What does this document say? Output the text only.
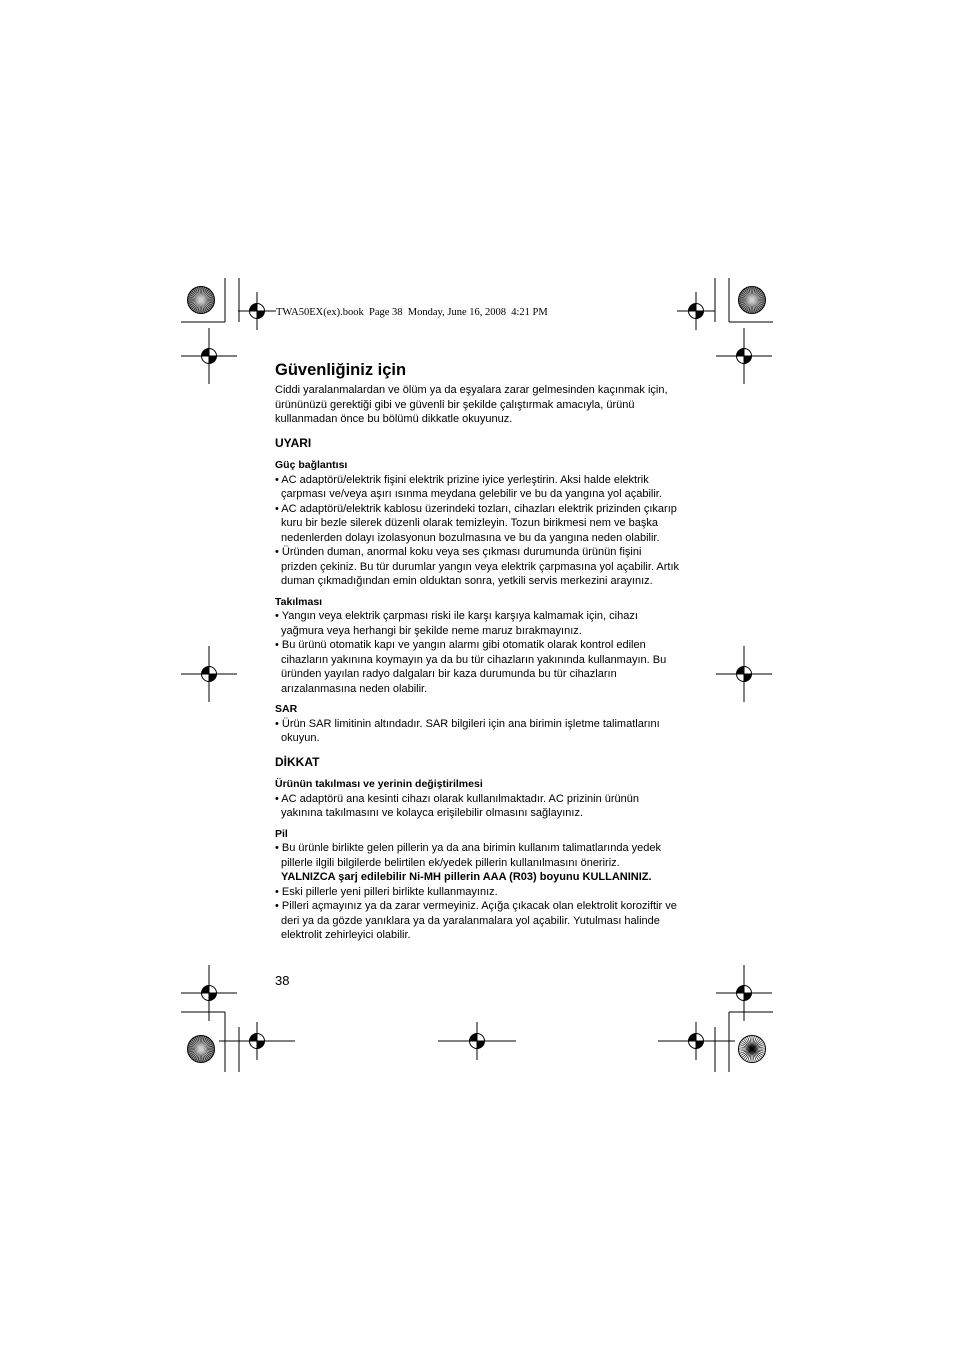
TWA50EX(ex).book  Page 38  Monday, June 16, 2008  4:21 PM
Güvenliğiniz için

Ciddi yaralanmalardan ve ölüm ya da eşyalara zarar gelmesinden kaçınmak için, ürününüzü gerektiği gibi ve güvenli bir şekilde çalıştırmak amacıyla, ürünü kullanmadan önce bu bölümü dikkatle okuyunuz.

UYARI
Güç bağlantısı
• AC adaptörü/elektrik fişini elektrik prizine iyice yerleştirin. Aksi halde elektrik çarpması ve/veya aşırı ısınma meydana gelebilir ve bu da yangına yol açabilir.
• AC adaptörü/elektrik kablosu üzerindeki tozları, cihazları elektrik prizinden çıkarıp kuru bir bezle silerek düzenli olarak temizleyin. Tozun birikmesi nem ve başka nedenlerden dolayı izolasyonun bozulmasına ve bu da yangına neden olabilir.
• Üründen duman, anormal koku veya ses çıkması durumunda ürünün fişini prizden çekiniz. Bu tür durumlar yangın veya elektrik çarpmasına yol açabilir. Artık duman çıkmadığından emin olduktan sonra, yetkili servis merkezini arayınız.
Takılması
• Yangın veya elektrik çarpması riski ile karşı karşıya kalmamak için, cihazı yağmura veya herhangi bir şekilde neme maruz bırakmayınız.
• Bu ürünü otomatik kapı ve yangın alarmı gibi otomatik olarak kontrol edilen cihazların yakınına koymayın ya da bu tür cihazların yakınında kullanmayın. Bu üründen yayılan radyo dalgaları bir kaza durumunda bu tür cihazların arızalanmasına neden olabilir.
SAR
• Ürün SAR limitinin altındadır. SAR bilgileri için ana birimin işletme talimatlarını okuyun.
DİKKAT
Ürünün takılması ve yerinin değiştirilmesi
• AC adaptörü ana kesinti cihazı olarak kullanılmaktadır. AC prizinin ürünün yakınına takılmasını ve kolayca erişilebilir olmasını sağlayınız.
Pil
• Bu ürünle birlikte gelen pillerin ya da ana birimin kullanım talimatlarında yedek pillerle ilgili bilgilerde belirtilen ek/yedek pillerin kullanılmasını öneririz.
YALNIZCA şarj edilebilir Ni-MH pillerin AAA (R03) boyunu KULLANINIZ.
• Eski pillerle yeni pilleri birlikte kullanmayınız.
• Pilleri açmayınız ya da zarar vermeyiniz. Açığa çıkacak olan elektrolit koroziftir ve deri ya da gözde yanıklara ya da yaralanmalara yol açabilir. Yutulması halinde elektrolit zehirleyici olabilir.
38
